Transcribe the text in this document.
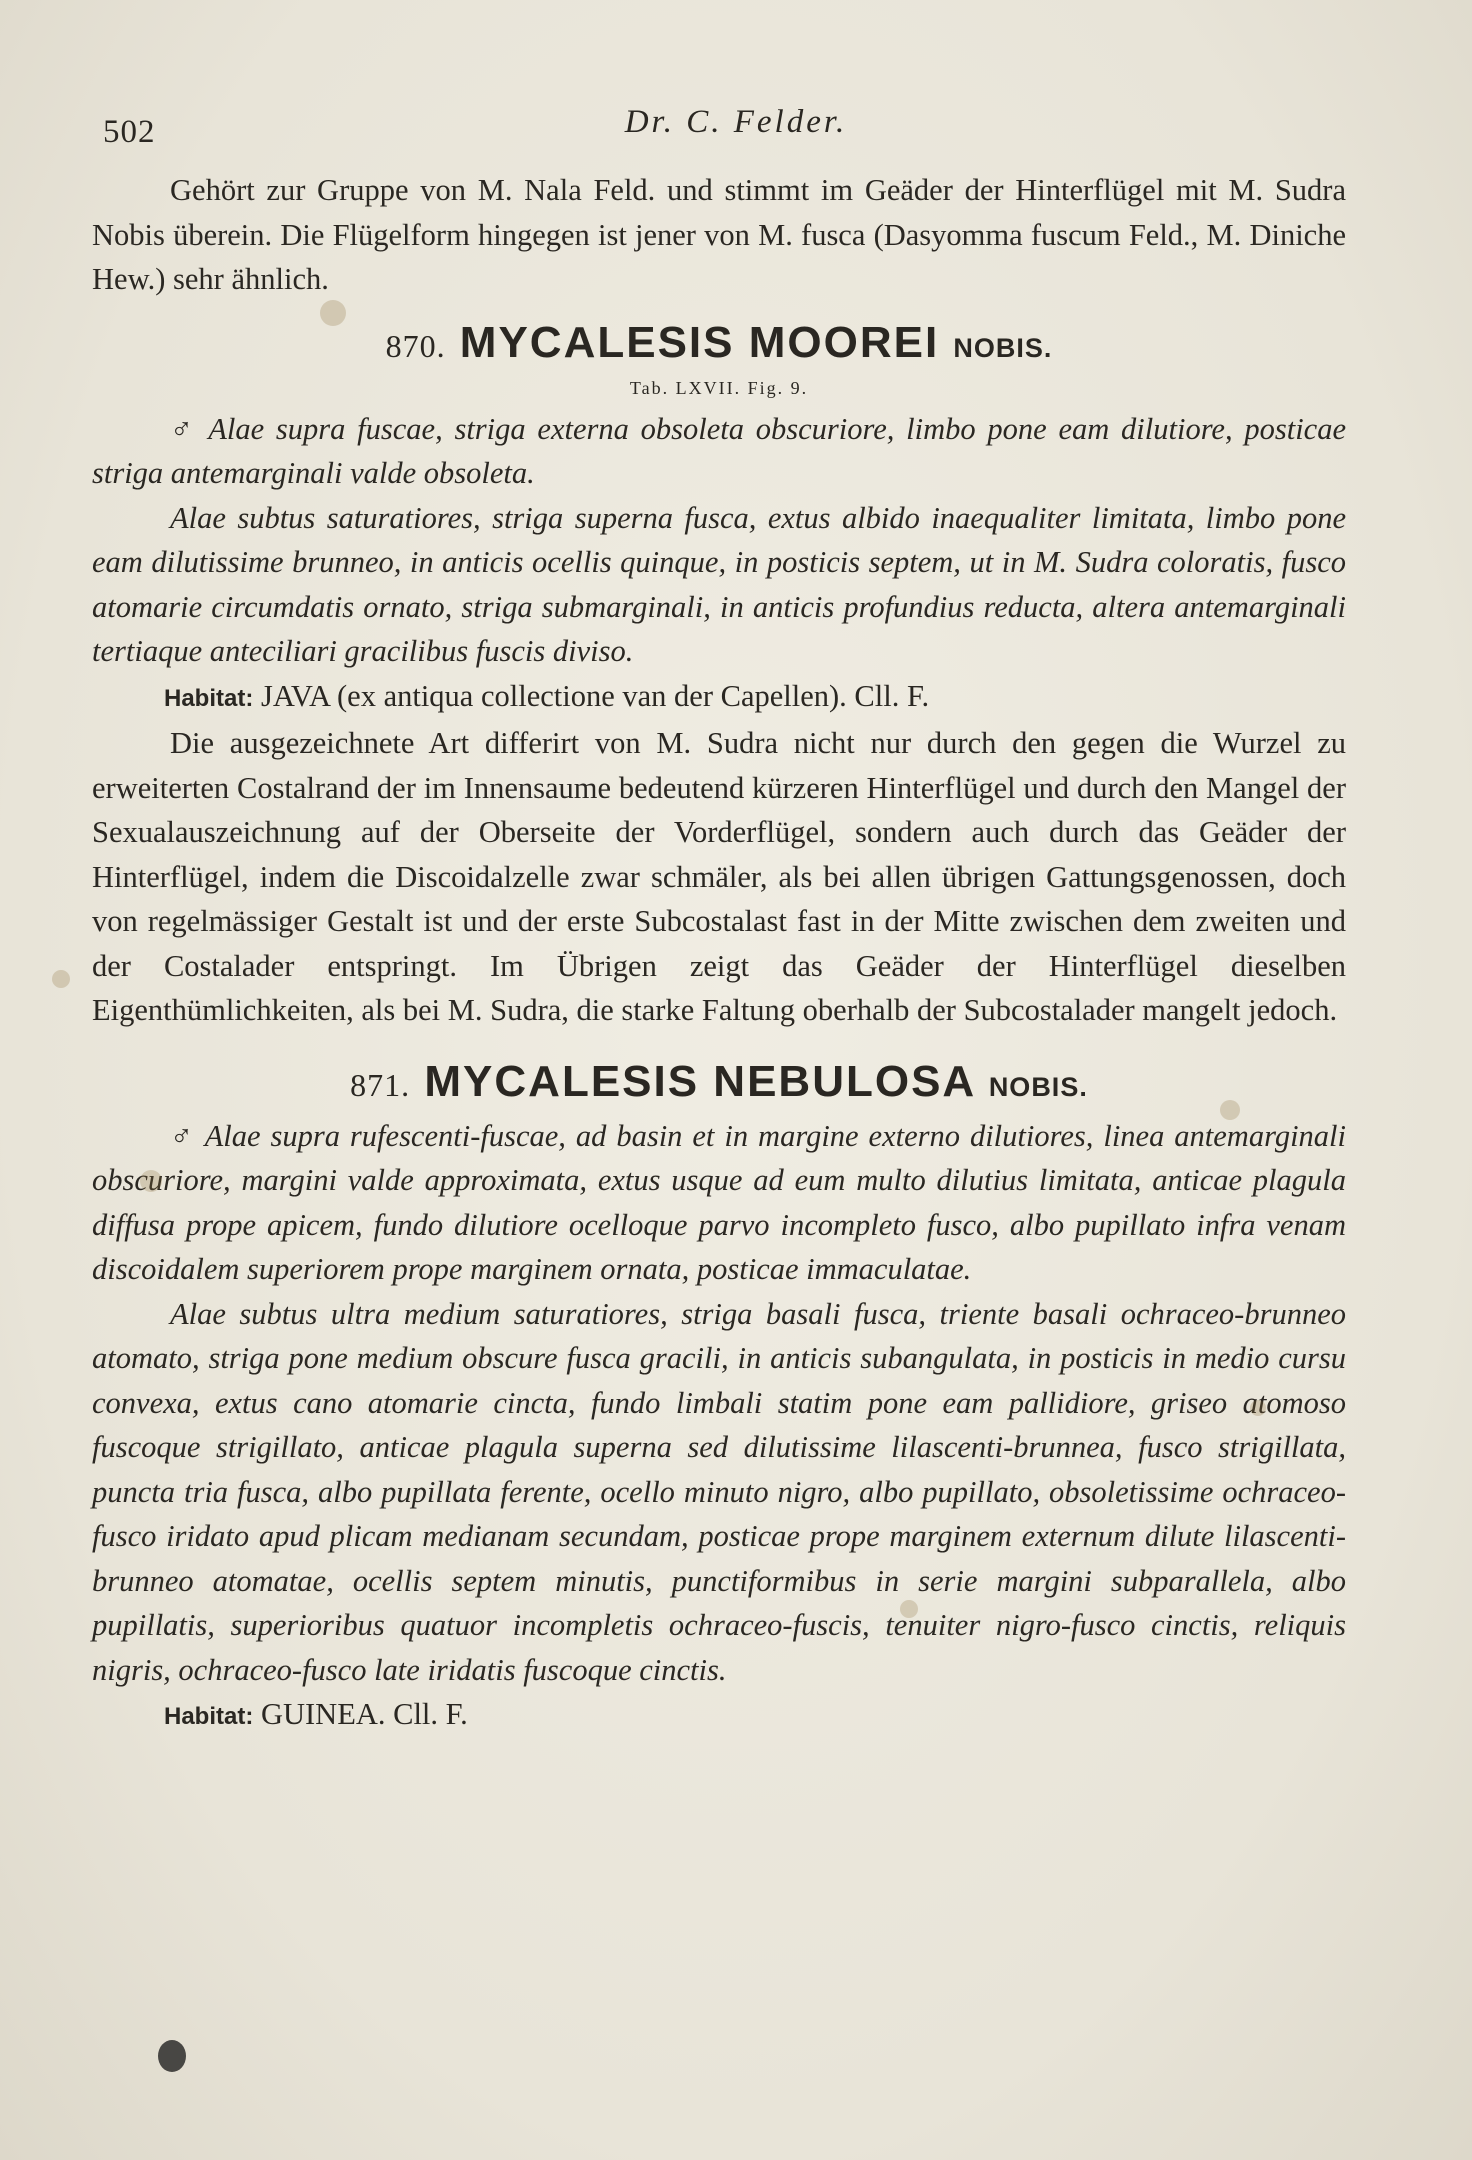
502	Dr. C. Felder.

Gehört zur Gruppe von M. Nala Feld. und stimmt im Geäder der Hinterflügel mit M. Sudra Nobis überein. Die Flügelform hingegen ist jener von M. fusca (Dasyomma fuscum Feld., M. Diniche Hew.) sehr ähnlich.

870. MYCALESIS MOOREI NOBIS.
Tab. LXVII. Fig. 9.

♂ Alae supra fuscae, striga externa obsoleta obscuriore, limbo pone eam dilutiore, posticae striga antemarginali valde obsoleta.

Alae subtus saturatiores, striga superna fusca, extus albido inaequaliter limitata, limbo pone eam dilutissime brunneo, in anticis ocellis quinque, in posticis septem, ut in M. Sudra coloratis, fusco atomarie circumdatis ornato, striga submarginali, in anticis profundius reducta, altera antemarginali tertiaque anteciliari gracilibus fuscis diviso.

Habitat: JAVA (ex antiqua collectione van der Capellen). Cll. F.

Die ausgezeichnete Art differirt von M. Sudra nicht nur durch den gegen die Wurzel zu erweiterten Costalrand der im Innensaume bedeutend kürzeren Hinterflügel und durch den Mangel der Sexualauszeichnung auf der Oberseite der Vorderflügel, sondern auch durch das Geäder der Hinterflügel, indem die Discoidalzelle zwar schmäler, als bei allen übrigen Gattungsgenossen, doch von regelmässiger Gestalt ist und der erste Subcostalast fast in der Mitte zwischen dem zweiten und der Costalader entspringt. Im Übrigen zeigt das Geäder der Hinterflügel dieselben Eigenthümlichkeiten, als bei M. Sudra, die starke Faltung oberhalb der Subcostalader mangelt jedoch.

871. MYCALESIS NEBULOSA NOBIS.

♂ Alae supra rufescenti-fuscae, ad basin et in margine externo dilutiores, linea antemarginali obscuriore, margini valde approximata, extus usque ad eum multo dilutius limitata, anticae plagula diffusa prope apicem, fundo dilutiore ocelloque parvo incompleto fusco, albo pupillato infra venam discoidalem superiorem prope marginem ornata, posticae immaculatae.

Alae subtus ultra medium saturatiores, striga basali fusca, triente basali ochraceo-brunneo atomato, striga pone medium obscure fusca gracili, in anticis subangulata, in posticis in medio cursu convexa, extus cano atomarie cincta, fundo limbali statim pone eam pallidiore, griseo atomoso fuscoque strigillato, anticae plagula superna sed dilutissime lilascenti-brunnea, fusco strigillata, puncta tria fusca, albo pupillata ferente, ocello minuto nigro, albo pupillato, obsoletissime ochraceo-fusco iridato apud plicam medianam secundam, posticae prope marginem externum dilute lilascenti-brunneo atomatae, ocellis septem minutis, punctiformibus in serie margini subparallela, albo pupillatis, superioribus quatuor incompletis ochraceo-fuscis, tenuiter nigro-fusco cinctis, reliquis nigris, ochraceo-fusco late iridatis fuscoque cinctis.

Habitat: GUINEA. Cll. F.
